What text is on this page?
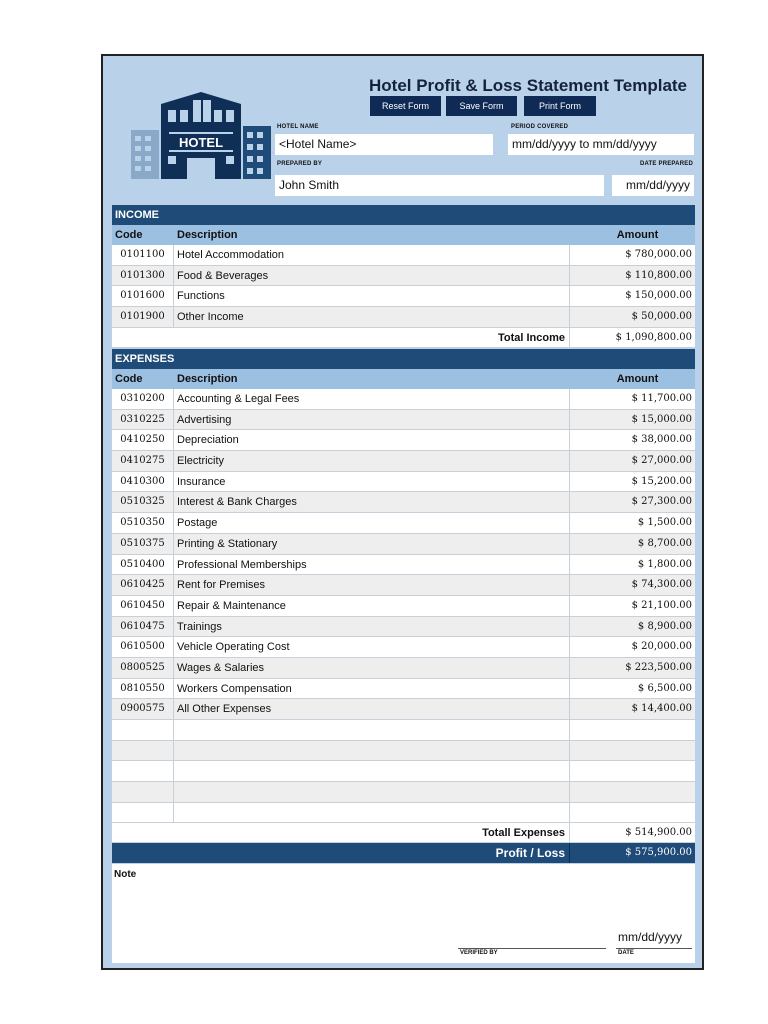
HOTEL
Hotel Profit & Loss Statement Template
Reset Form	Save Form	Print Form
HOTEL NAME
<Hotel Name>
PERIOD COVERED
mm/dd/yyyy to mm/dd/yyyy
PREPARED BY
John Smith
DATE PREPARED
mm/dd/yyyy
INCOME
Code	Description	Amount
0101100	Hotel Accommodation	$ 780,000.00
0101300	Food & Beverages	$ 110,800.00
0101600	Functions	$ 150,000.00
0101900	Other Income	$ 50,000.00
Total Income	$ 1,090,800.00
EXPENSES
Code	Description	Amount
0310200	Accounting & Legal Fees	$ 11,700.00
0310225	Advertising	$ 15,000.00
0410250	Depreciation	$ 38,000.00
0410275	Electricity	$ 27,000.00
0410300	Insurance	$ 15,200.00
0510325	Interest & Bank Charges	$ 27,300.00
0510350	Postage	$ 1,500.00
0510375	Printing & Stationary	$ 8,700.00
0510400	Professional Memberships	$ 1,800.00
0610425	Rent for Premises	$ 74,300.00
0610450	Repair & Maintenance	$ 21,100.00
0610475	Trainings	$ 8,900.00
0610500	Vehicle Operating Cost	$ 20,000.00
0800525	Wages & Salaries	$ 223,500.00
0810550	Workers Compensation	$ 6,500.00
0900575	All Other Expenses	$ 14,400.00
Totall Expenses	$ 514,900.00
Profit / Loss	$ 575,900.00
Note
VERIFIED BY
mm/dd/yyyy
DATE
